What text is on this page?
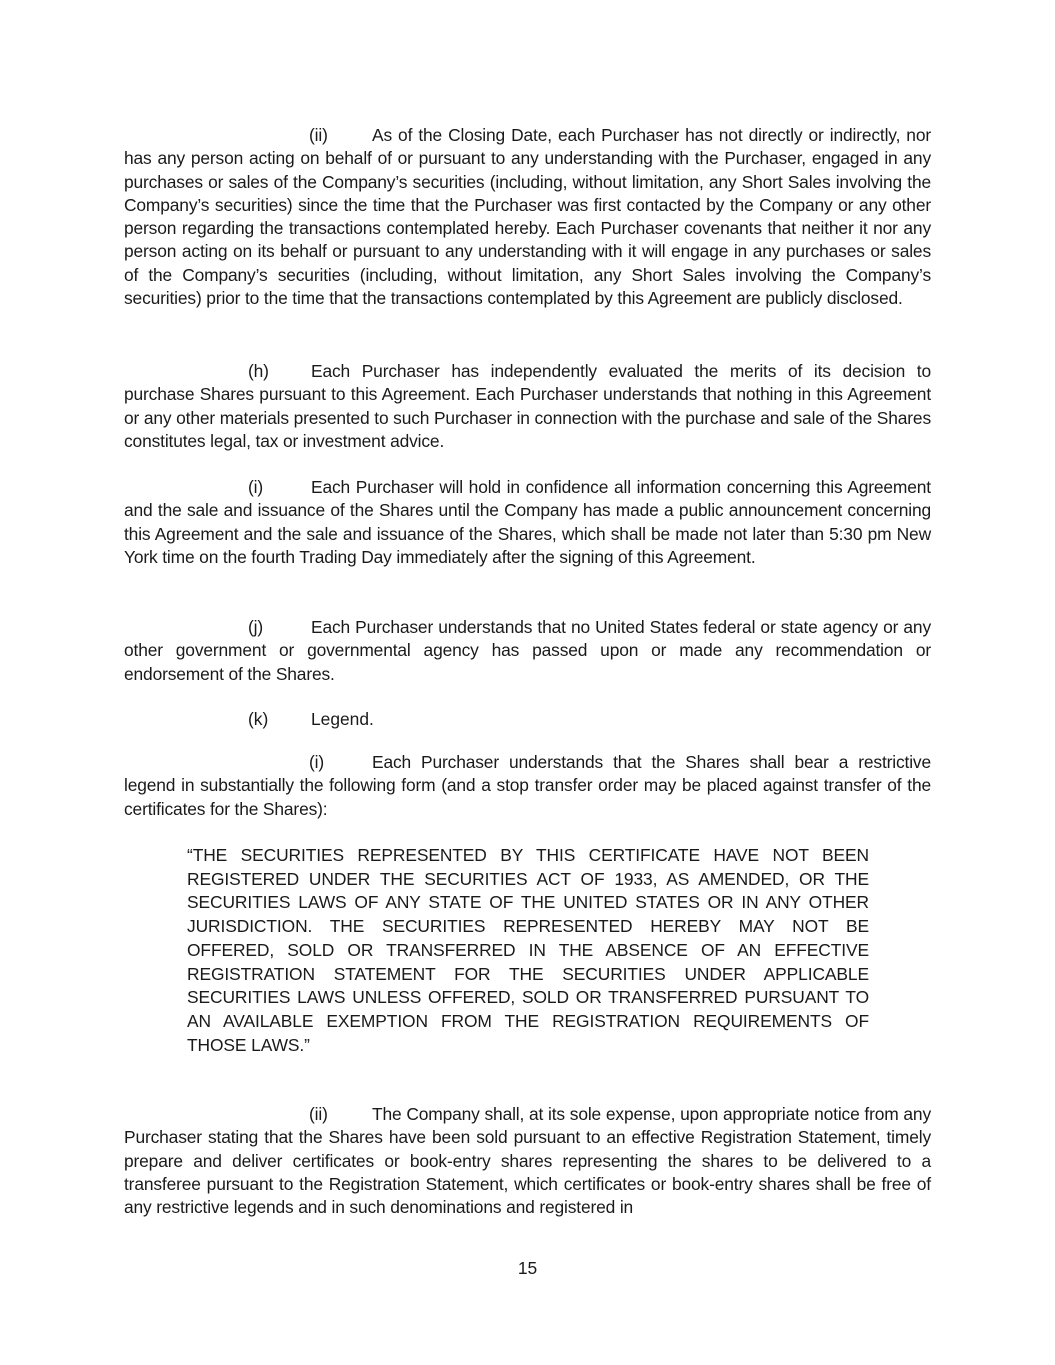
(ii)	As of the Closing Date, each Purchaser has not directly or indirectly, nor has any person acting on behalf of or pursuant to any understanding with the Purchaser, engaged in any purchases or sales of the Company’s securities (including, without limitation, any Short Sales involving the Company’s securities) since the time that the Purchaser was first contacted by the Company or any other person regarding the transactions contemplated hereby. Each Purchaser covenants that neither it nor any person acting on its behalf or pursuant to any understanding with it will engage in any purchases or sales of the Company’s securities (including, without limitation, any Short Sales involving the Company’s securities) prior to the time that the transactions contemplated by this Agreement are publicly disclosed.
(h) Each Purchaser has independently evaluated the merits of its decision to purchase Shares pursuant to this Agreement. Each Purchaser understands that nothing in this Agreement or any other materials presented to such Purchaser in connection with the purchase and sale of the Shares constitutes legal, tax or investment advice.
(i)	Each Purchaser will hold in confidence all information concerning this Agreement and the sale and issuance of the Shares until the Company has made a public announcement concerning this Agreement and the sale and issuance of the Shares, which shall be made not later than 5:30 pm New York time on the fourth Trading Day immediately after the signing of this Agreement.
(j)	Each Purchaser understands that no United States federal or state agency or any other government or governmental agency has passed upon or made any recommendation or endorsement of the Shares.
(k) Legend.
(i)	Each Purchaser understands that the Shares shall bear a restrictive legend in substantially the following form (and a stop transfer order may be placed against transfer of the certificates for the Shares):
“THE SECURITIES REPRESENTED BY THIS CERTIFICATE HAVE NOT BEEN REGISTERED UNDER THE SECURITIES ACT OF 1933, AS AMENDED, OR THE SECURITIES LAWS OF ANY STATE OF THE UNITED STATES OR IN ANY OTHER JURISDICTION. THE SECURITIES REPRESENTED HEREBY MAY NOT BE OFFERED, SOLD OR TRANSFERRED IN THE ABSENCE OF AN EFFECTIVE REGISTRATION STATEMENT FOR THE SECURITIES UNDER APPLICABLE SECURITIES LAWS UNLESS OFFERED, SOLD OR TRANSFERRED PURSUANT TO AN AVAILABLE EXEMPTION FROM THE REGISTRATION REQUIREMENTS OF THOSE LAWS.”
(ii)	The Company shall, at its sole expense, upon appropriate notice from any Purchaser stating that the Shares have been sold pursuant to an effective Registration Statement, timely prepare and deliver certificates or book-entry shares representing the shares to be delivered to a transferee pursuant to the Registration Statement, which certificates or book-entry shares shall be free of any restrictive legends and in such denominations and registered in
15
